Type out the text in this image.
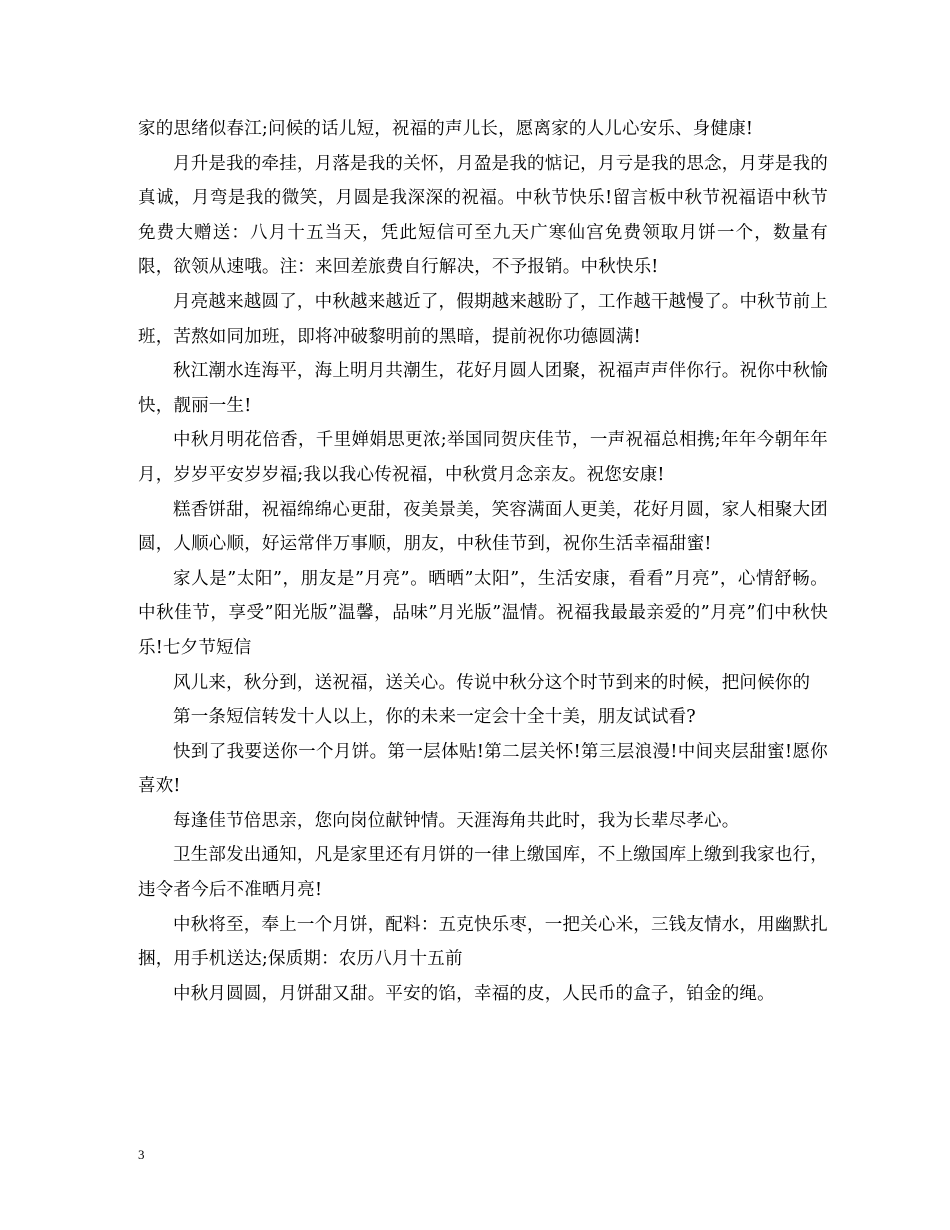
家的思绪似春江;问候的话儿短，祝福的声儿长，愿离家的人儿心安乐、身健康!

月升是我的牵挂，月落是我的关怀，月盈是我的惦记，月亏是我的思念，月芽是我的真诚，月弯是我的微笑，月圆是我深深的祝福。中秋节快乐!留言板中秋节祝福语中秋节免费大赠送：八月十五当天，凭此短信可至九天广寒仙宫免费领取月饼一个，数量有限，欲领从速哦。注：来回差旅费自行解决，不予报销。中秋快乐!

月亮越来越圆了，中秋越来越近了，假期越来越盼了，工作越干越慢了。中秋节前上班，苦熬如同加班，即将冲破黎明前的黑暗，提前祝你功德圆满!

秋江潮水连海平，海上明月共潮生，花好月圆人团聚，祝福声声伴你行。祝你中秋愉快，靓丽一生!

中秋月明花倍香，千里婵娟思更浓;举国同贺庆佳节，一声祝福总相携;年年今朝年年月，岁岁平安岁岁福;我以我心传祝福，中秋赏月念亲友。祝您安康!

糕香饼甜，祝福绵绵心更甜，夜美景美，笑容满面人更美，花好月圆，家人相聚大团圆，人顺心顺，好运常伴万事顺，朋友，中秋佳节到，祝你生活幸福甜蜜!

家人是”太阳”，朋友是”月亮”。晒晒”太阳”，生活安康，看看”月亮”，心情舒畅。中秋佳节，享受”阳光版”温馨，品味”月光版”温情。祝福我最最亲爱的”月亮”们中秋快乐!七夕节短信

风儿来，秋分到，送祝福，送关心。传说中秋分这个时节到来的时候，把问候你的

第一条短信转发十人以上，你的未来一定会十全十美，朋友试试看?

快到了我要送你一个月饼。第一层体贴!第二层关怀!第三层浪漫!中间夹层甜蜜!愿你喜欢!

每逢佳节倍思亲，您向岗位献钟情。天涯海角共此时，我为长辈尽孝心。

卫生部发出通知，凡是家里还有月饼的一律上缴国库，不上缴国库上缴到我家也行，违令者今后不准晒月亮!

中秋将至，奉上一个月饼，配料：五克快乐枣，一把关心米，三钱友情水，用幽默扎捆，用手机送达;保质期：农历八月十五前

中秋月圆圆，月饼甜又甜。平安的馅，幸福的皮，人民币的盒子，铂金的绳。

3
